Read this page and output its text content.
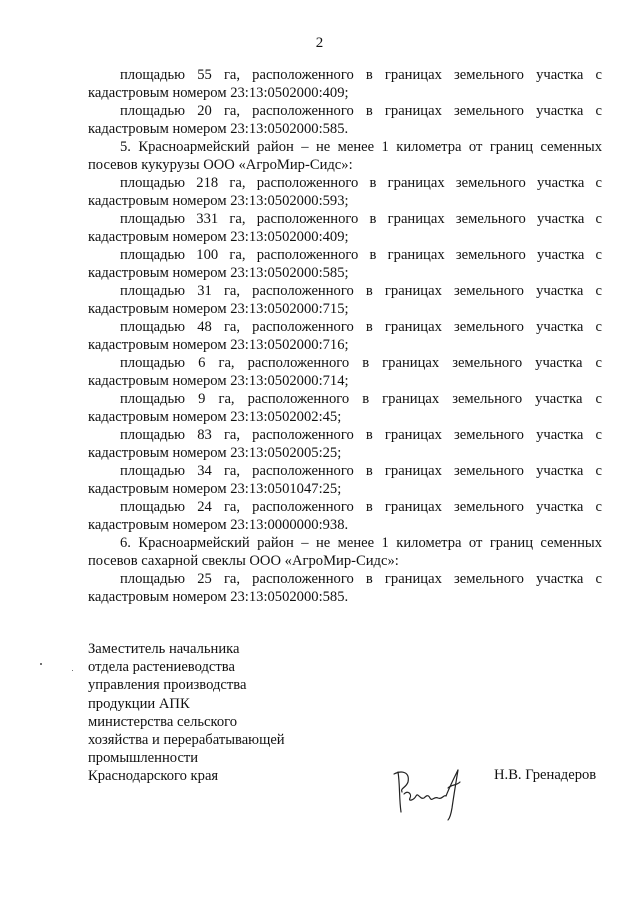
2

площадью 55 га, расположенного в границах земельного участка с кадастровым номером 23:13:0502000:409;

площадью 20 га, расположенного в границах земельного участка с кадастровым номером 23:13:0502000:585.

5. Красноармейский район – не менее 1 километра от границ семенных посевов кукурузы ООО «АгроМир-Сидс»:

площадью 218 га, расположенного в границах земельного участка с кадастровым номером 23:13:0502000:593;

площадью 331 га, расположенного в границах земельного участка с кадастровым номером 23:13:0502000:409;

площадью 100 га, расположенного в границах земельного участка с кадастровым номером 23:13:0502000:585;

площадью 31 га, расположенного в границах земельного участка с кадастровым номером 23:13:0502000:715;

площадью 48 га, расположенного в границах земельного участка с кадастровым номером 23:13:0502000:716;

площадью 6 га, расположенного в границах земельного участка с кадастровым номером 23:13:0502000:714;

площадью 9 га, расположенного в границах земельного участка с кадастровым номером 23:13:0502002:45;

площадью 83 га, расположенного в границах земельного участка с кадастровым номером 23:13:0502005:25;

площадью 34 га, расположенного в границах земельного участка с кадастровым номером 23:13:0501047:25;

площадью 24 га, расположенного в границах земельного участка с кадастровым номером 23:13:0000000:938.

6. Красноармейский район – не менее 1 километра от границ семенных посевов сахарной свеклы ООО «АгроМир-Сидс»:

площадью 25 га, расположенного в границах земельного участка с кадастровым номером 23:13:0502000:585.

Заместитель начальника
отдела растениеводства
управления производства
продукции АПК
министерства сельского
хозяйства и перерабатывающей
промышленности
Краснодарского края	Н.В. Гренадеров
